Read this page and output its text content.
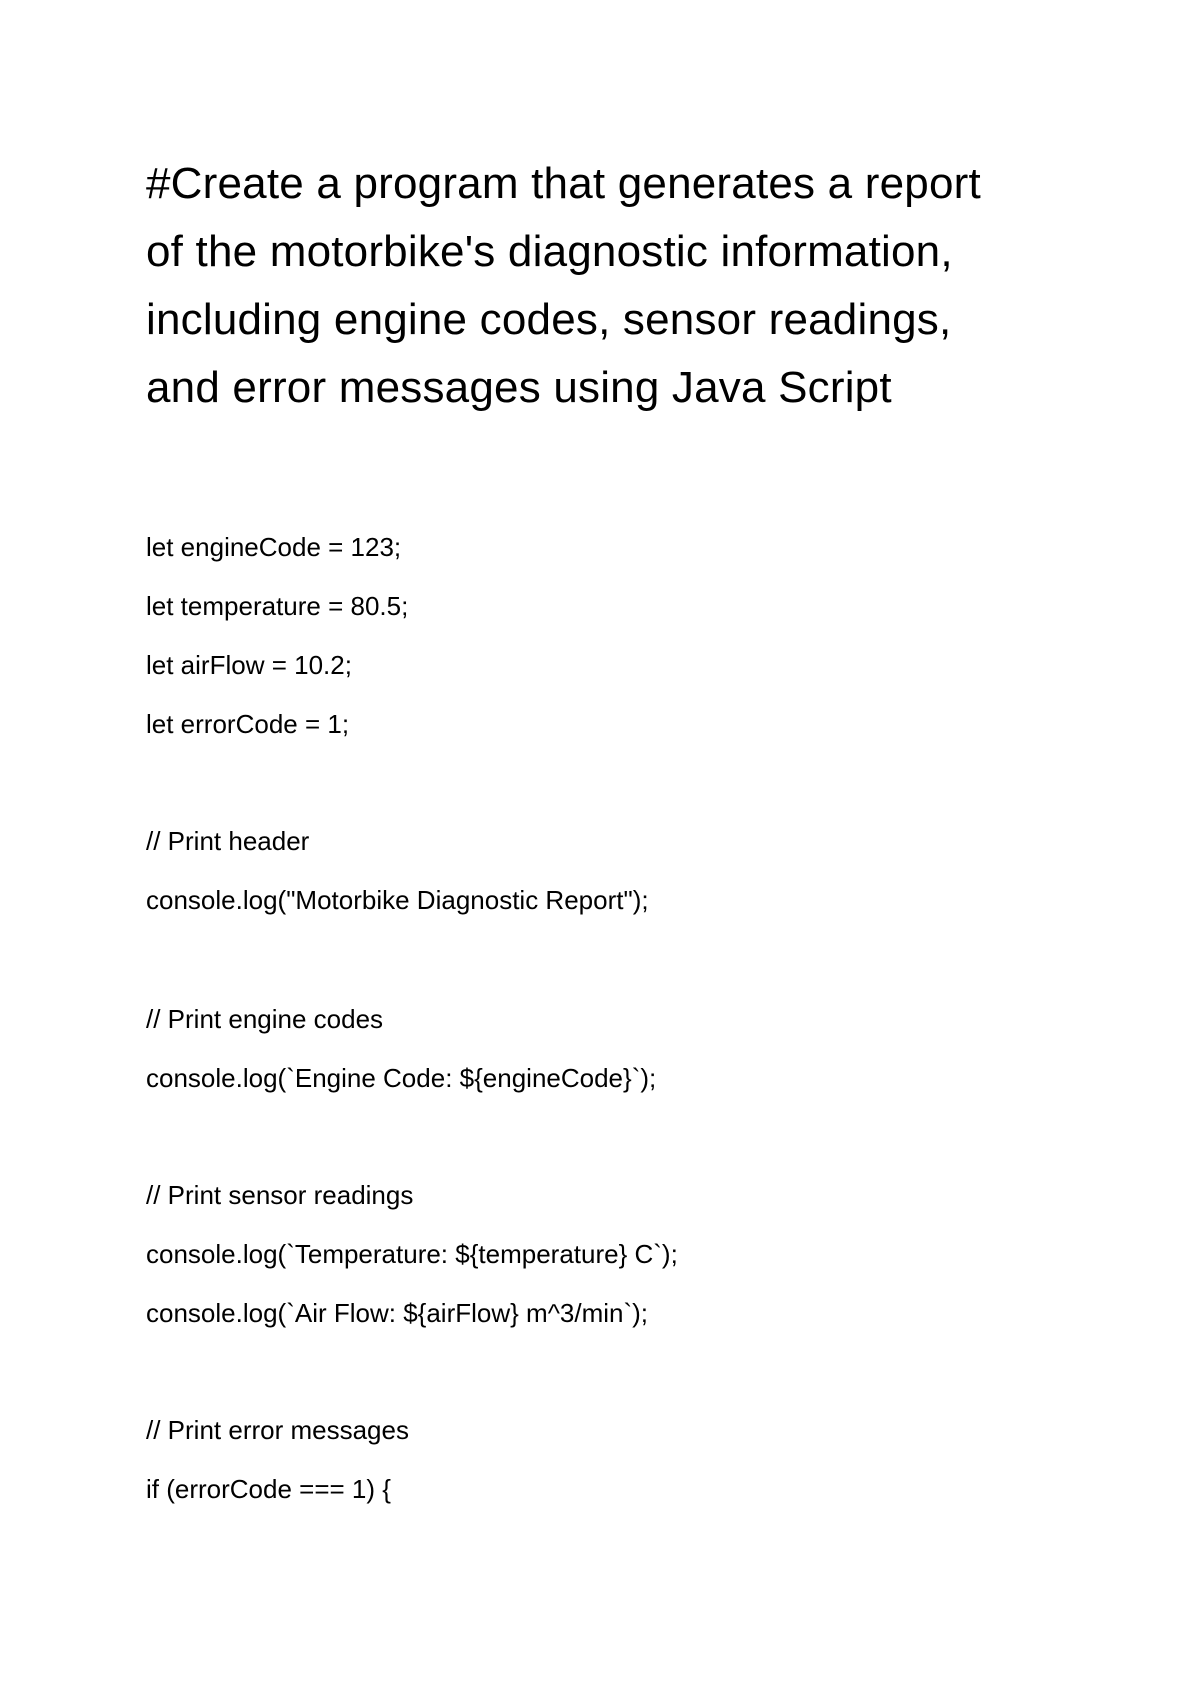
#Create a program that generates a report
of the motorbike's diagnostic information,
including engine codes, sensor readings,
and error messages using Java Script
let engineCode = 123;
let temperature = 80.5;
let airFlow = 10.2;
let errorCode = 1;
// Print header
console.log("Motorbike Diagnostic Report");
// Print engine codes
console.log(`Engine Code: ${engineCode}`);
// Print sensor readings
console.log(`Temperature: ${temperature} C`);
console.log(`Air Flow: ${airFlow} m^3/min`);
// Print error messages
if (errorCode === 1) {
